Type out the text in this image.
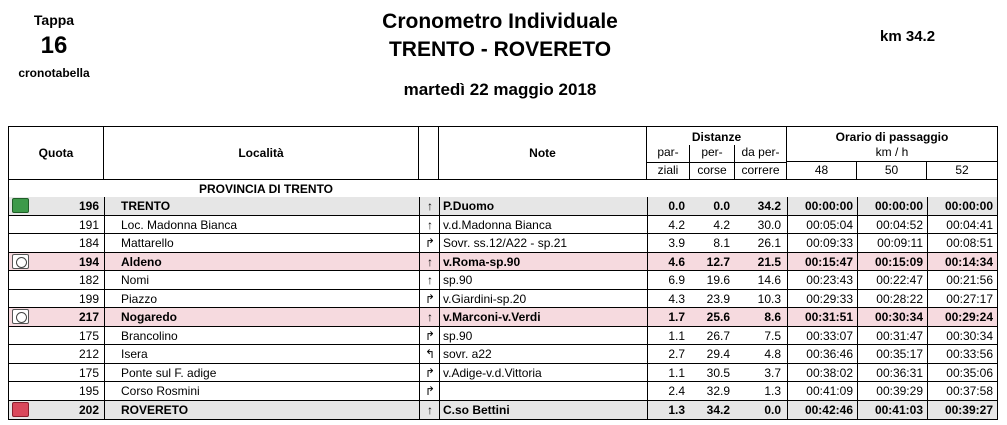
Tappa
16
cronotabella
Cronometro Individuale
TRENTO - ROVERETO
martedì 22 maggio 2018
km 34.2
Quota	Località	Note
Distanze
par-
ziali
per-
corse
da per-
correre
Orario di passaggio
km / h
48	50	52
PROVINCIA DI TRENTO
196 TRENTO	↑ P.Duomo	0.0	0.0	34.2	00:00:00	00:00:00	00:00:00
191 Loc. Madonna Bianca	↑ v.d.Madonna Bianca	4.2	4.2	30.0	00:05:04	00:04:52	00:04:41
184 Mattarello	↱ Sovr. ss.12/A22 - sp.21	3.9	8.1	26.1	00:09:33	00:09:11	00:08:51
194 Aldeno	↑ v.Roma-sp.90	4.6	12.7	21.5	00:15:47	00:15:09	00:14:34
182 Nomi	↑ sp.90	6.9	19.6	14.6	00:23:43	00:22:47	00:21:56
199 Piazzo	↱ v.Giardini-sp.20	4.3	23.9	10.3	00:29:33	00:28:22	00:27:17
217 Nogaredo	↑ v.Marconi-v.Verdi	1.7	25.6	8.6	00:31:51	00:30:34	00:29:24
175 Brancolino	↱ sp.90	1.1	26.7	7.5	00:33:07	00:31:47	00:30:34
212 Isera	↰ sovr. a22	2.7	29.4	4.8	00:36:46	00:35:17	00:33:56
175 Ponte sul F. adige	↱ v.Adige-v.d.Vittoria	1.1	30.5	3.7	00:38:02	00:36:31	00:35:06
195 Corso Rosmini	↱	2.4	32.9	1.3	00:41:09	00:39:29	00:37:58
202 ROVERETO	↑ C.so Bettini	1.3	34.2	0.0	00:42:46	00:41:03	00:39:27
